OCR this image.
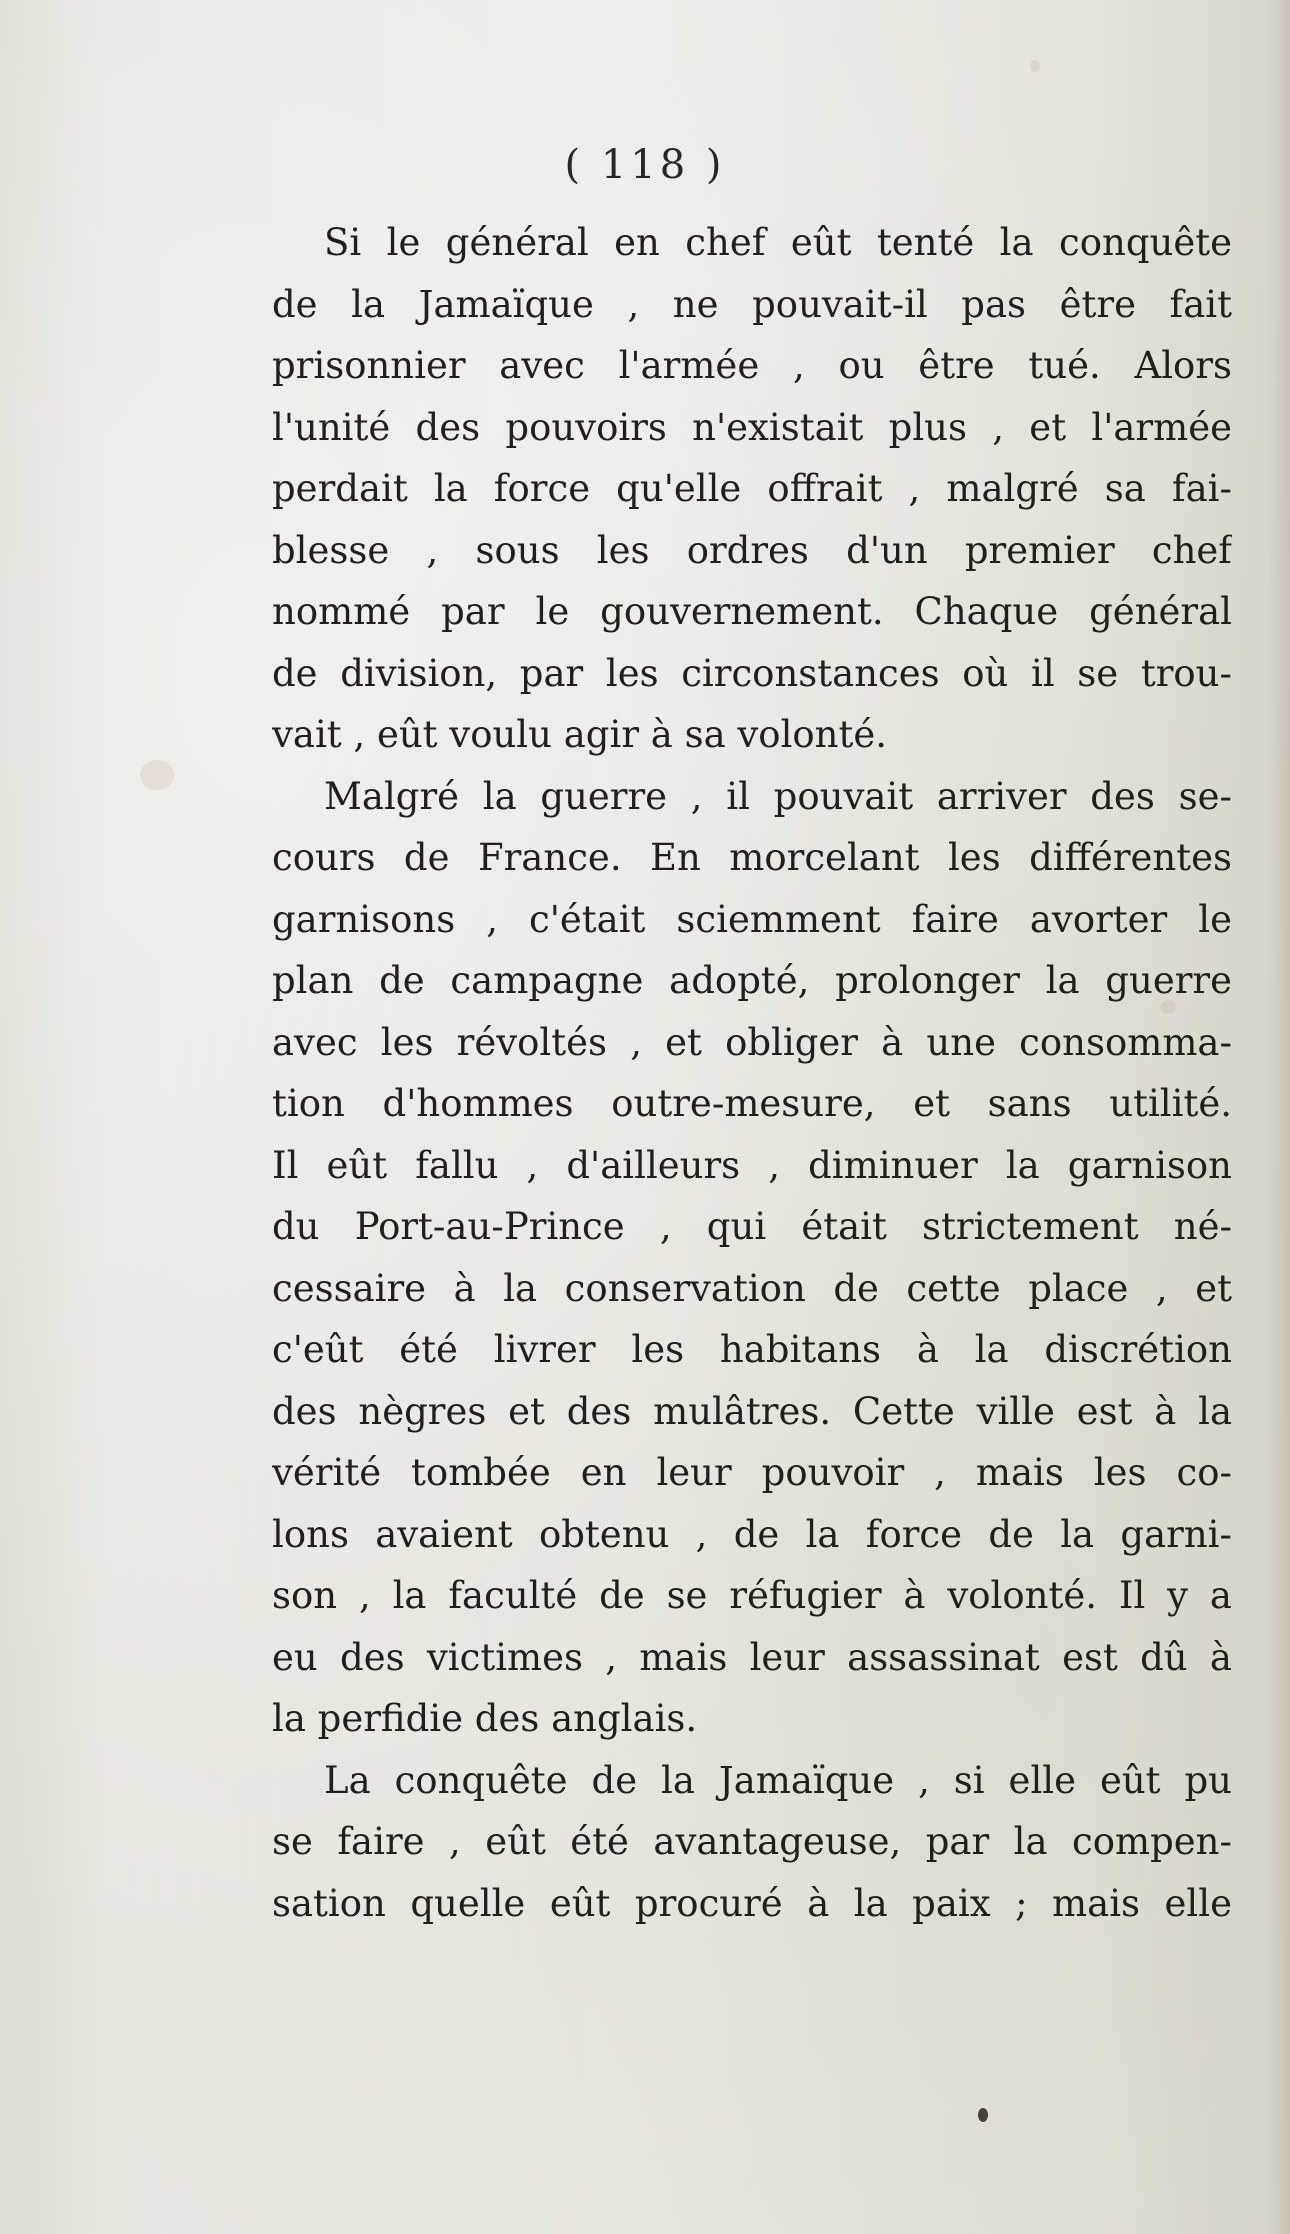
( 118 )
Si le général en chef eût tenté la conquête
de la Jamaïque , ne pouvait-il pas être fait
prisonnier avec l'armée , ou être tué. Alors
l'unité des pouvoirs n'existait plus , et l'armée
perdait la force qu'elle offrait , malgré sa fai-
blesse , sous les ordres d'un premier chef
nommé par le gouvernement. Chaque général
de division, par les circonstances où il se trou-
vait , eût voulu agir à sa volonté.
Malgré la guerre , il pouvait arriver des se-
cours de France. En morcelant les différentes
garnisons , c'était sciemment faire avorter le
plan de campagne adopté, prolonger la guerre
avec les révoltés , et obliger à une consomma-
tion d'hommes outre-mesure, et sans utilité.
Il eût fallu , d'ailleurs , diminuer la garnison
du Port-au-Prince , qui était strictement né-
cessaire à la conservation de cette place , et
c'eût été livrer les habitans à la discrétion
des nègres et des mulâtres. Cette ville est à la
vérité tombée en leur pouvoir , mais les co-
lons avaient obtenu , de la force de la garni-
son , la faculté de se réfugier à volonté. Il y a
eu des victimes , mais leur assassinat est dû à
la perfidie des anglais.
La conquête de la Jamaïque , si elle eût pu
se faire , eût été avantageuse, par la compen-
sation quelle eût procuré à la paix ; mais elle
